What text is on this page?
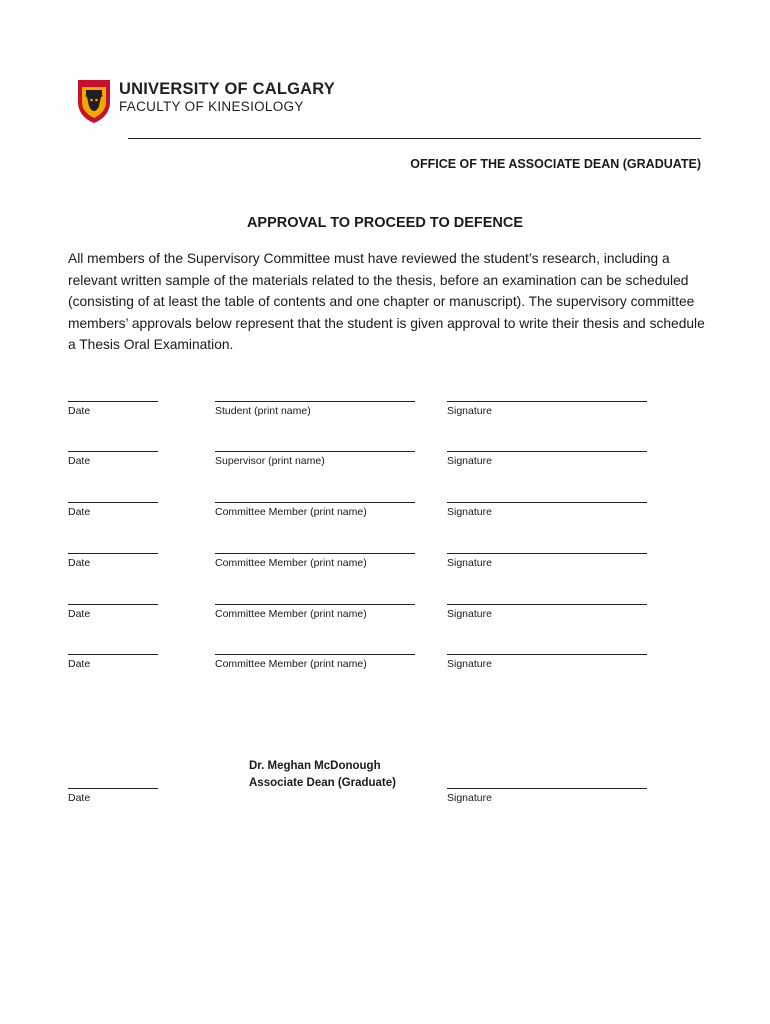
UNIVERSITY OF CALGARY
FACULTY OF KINESIOLOGY
OFFICE OF THE ASSOCIATE DEAN (GRADUATE)
APPROVAL TO PROCEED TO DEFENCE

All members of the Supervisory Committee must have reviewed the student’s research, including a relevant written sample of the materials related to the thesis, before an examination can be scheduled (consisting of at least the table of contents and one chapter or manuscript). The supervisory committee members’ approvals below represent that the student is given approval to write their thesis and schedule a Thesis Oral Examination.

Date	Student (print name)	Signature
Date	Supervisor (print name)	Signature
Date	Committee Member (print name)	Signature
Date	Committee Member (print name)	Signature
Date	Committee Member (print name)	Signature
Date	Committee Member (print name)	Signature
Dr. Meghan McDonough
Associate Dean (Graduate)
Date	Signature
